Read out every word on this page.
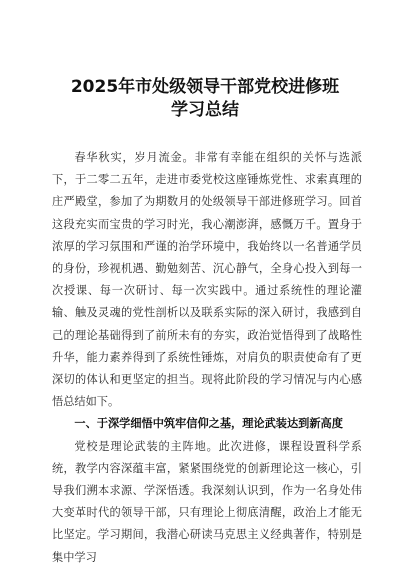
2025年市处级领导干部党校进修班
学习总结

春华秋实，岁月流金。非常有幸能在组织的关怀与选派下，于二零二五年，走进市委党校这座锤炼党性、求索真理的庄严殿堂，参加了为期数月的处级领导干部进修班学习。回首这段充实而宝贵的学习时光，我心潮澎湃，感慨万千。置身于浓厚的学习氛围和严谨的治学环境中，我始终以一名普通学员的身份，珍视机遇、勤勉刻苦、沉心静气，全身心投入到每一次授课、每一次研讨、每一次实践中。通过系统性的理论灌输、触及灵魂的党性剖析以及联系实际的深入研讨，我感到自己的理论基础得到了前所未有的夯实，政治觉悟得到了战略性升华，能力素养得到了系统性锤炼，对肩负的职责使命有了更深切的体认和更坚定的担当。现将此阶段的学习情况与内心感悟总结如下。

一、于深学细悟中筑牢信仰之基，理论武装达到新高度

党校是理论武装的主阵地。此次进修，课程设置科学系统，教学内容深蕴丰富，紧紧围绕党的创新理论这一核心，引导我们溯本求源、学深悟透。我深刻认识到，作为一名身处伟大变革时代的领导干部，只有理论上彻底清醒，政治上才能无比坚定。学习期间，我潜心研读马克思主义经典著作，特别是集中学习
